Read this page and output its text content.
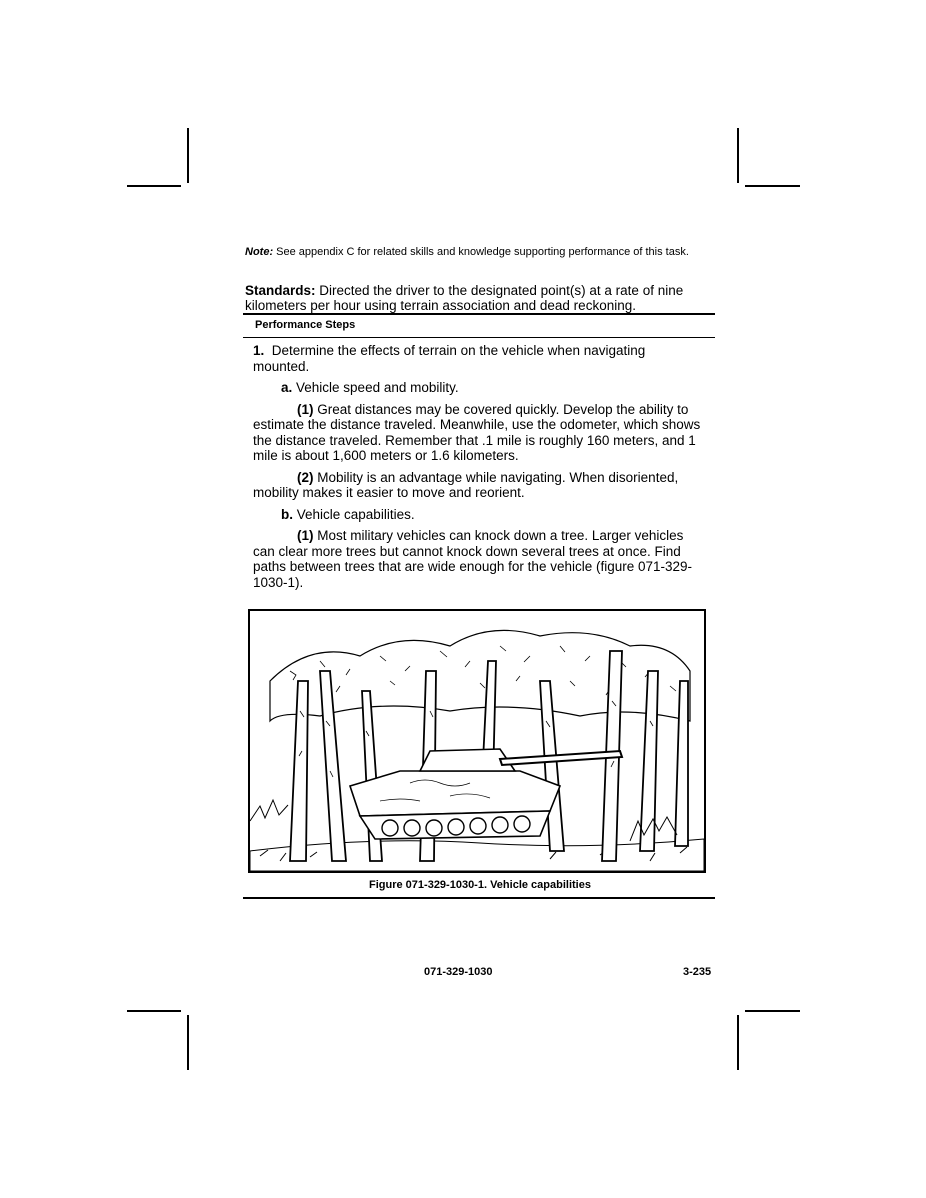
Note: See appendix C for related skills and knowledge supporting performance of this task.
Standards: Directed the driver to the designated point(s) at a rate of nine kilometers per hour using terrain association and dead reckoning.
Performance Steps

1. Determine the effects of terrain on the vehicle when navigating mounted.

a. Vehicle speed and mobility.

(1) Great distances may be covered quickly. Develop the ability to estimate the distance traveled. Meanwhile, use the odometer, which shows the distance traveled. Remember that .1 mile is roughly 160 meters, and 1 mile is about 1,600 meters or 1.6 kilometers.

(2) Mobility is an advantage while navigating. When disoriented, mobility makes it easier to move and reorient.

b. Vehicle capabilities.

(1) Most military vehicles can knock down a tree. Larger vehicles can clear more trees but cannot knock down several trees at once. Find paths between trees that are wide enough for the vehicle (figure 071-329-1030-1).

Figure 071-329-1030-1. Vehicle capabilities
071-329-1030	3-235
